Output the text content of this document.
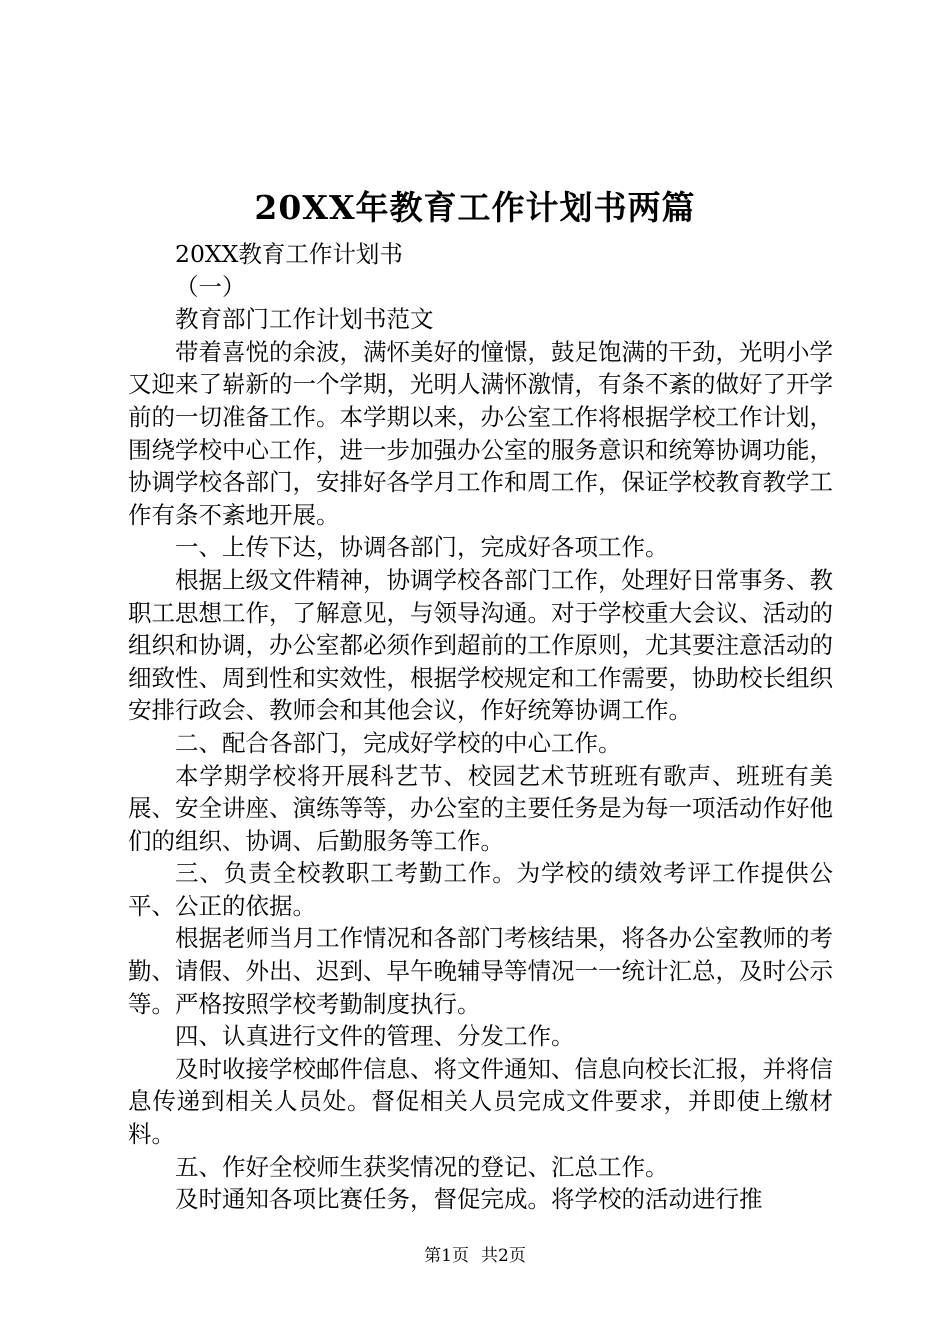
20XX年教育工作计划书两篇

20XX教育工作计划书

（一）

教育部门工作计划书范文

带着喜悦的余波，满怀美好的憧憬，鼓足饱满的干劲，光明小学又迎来了崭新的一个学期，光明人满怀激情，有条不紊的做好了开学前的一切准备工作。本学期以来，办公室工作将根据学校工作计划，围绕学校中心工作，进一步加强办公室的服务意识和统筹协调功能，协调学校各部门，安排好各学月工作和周工作，保证学校教育教学工作有条不紊地开展。

一、上传下达，协调各部门，完成好各项工作。

根据上级文件精神，协调学校各部门工作，处理好日常事务、教职工思想工作，了解意见，与领导沟通。对于学校重大会议、活动的组织和协调，办公室都必须作到超前的工作原则，尤其要注意活动的细致性、周到性和实效性，根据学校规定和工作需要，协助校长组织安排行政会、教师会和其他会议，作好统筹协调工作。

二、配合各部门，完成好学校的中心工作。

本学期学校将开展科艺节、校园艺术节班班有歌声、班班有美展、安全讲座、演练等等，办公室的主要任务是为每一项活动作好他们的组织、协调、后勤服务等工作。

三、负责全校教职工考勤工作。为学校的绩效考评工作提供公平、公正的依据。

根据老师当月工作情况和各部门考核结果，将各办公室教师的考勤、请假、外出、迟到、早午晚辅导等情况一一统计汇总，及时公示等。严格按照学校考勤制度执行。

四、认真进行文件的管理、分发工作。

及时收接学校邮件信息、将文件通知、信息向校长汇报，并将信息传递到相关人员处。督促相关人员完成文件要求，并即使上缴材料。

五、作好全校师生获奖情况的登记、汇总工作。

及时通知各项比赛任务，督促完成。将学校的活动进行推

第1页 共2页
